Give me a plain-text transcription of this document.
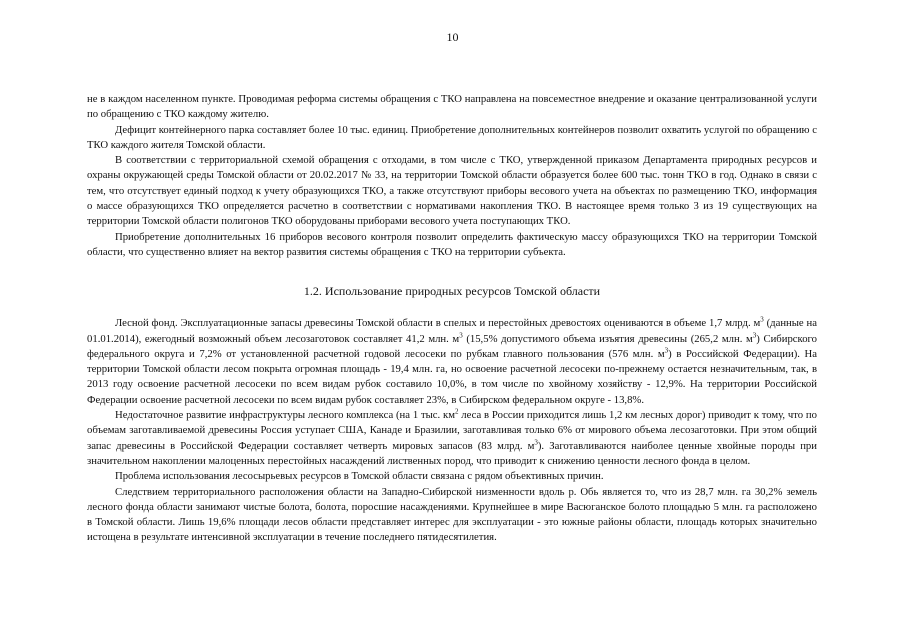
10

не в каждом населенном пункте. Проводимая реформа системы обращения с ТКО направлена на повсеместное внедрение и оказание централизованной услуги по обращению с ТКО каждому жителю.

Дефицит контейнерного парка составляет более 10 тыс. единиц. Приобретение дополнительных контейнеров позволит охватить услугой по обращению с ТКО каждого жителя Томской области.

В соответствии с территориальной схемой обращения с отходами, в том числе с ТКО, утвержденной приказом Департамента природных ресурсов и охраны окружающей среды Томской области от 20.02.2017 № 33, на территории Томской области образуется более 600 тыс. тонн ТКО в год. Однако в связи с тем, что отсутствует единый подход к учету образующихся ТКО, а также отсутствуют приборы весового учета на объектах по размещению ТКО, информация о массе образующихся ТКО определяется расчетно в соответствии с нормативами накопления ТКО. В настоящее время только 3 из 19 существующих на территории Томской области полигонов ТКО оборудованы приборами весового учета поступающих ТКО.

Приобретение дополнительных 16 приборов весового контроля позволит определить фактическую массу образующихся ТКО на территории Томской области, что существенно влияет на вектор развития системы обращения с ТКО на территории субъекта.

1.2. Использование природных ресурсов Томской области

Лесной фонд. Эксплуатационные запасы древесины Томской области в спелых и перестойных древостоях оцениваются в объеме 1,7 млрд. $м^3$ (данные на 01.01.2014), ежегодный возможный объем лесозаготовок составляет 41,2 млн. $м^3$ (15,5% допустимого объема изъятия древесины (265,2 млн. $м^3$) Сибирского федерального округа и 7,2% от установленной расчетной годовой лесосеки по рубкам главного пользования (576 млн. $м^3$) в Российской Федерации). На территории Томской области лесом покрыта огромная площадь - 19,4 млн. га, но освоение расчетной лесосеки по-прежнему остается незначительным, так, в 2013 году освоение расчетной лесосеки по всем видам рубок составило 10,0%, в том числе по хвойному хозяйству - 12,9%. На территории Российской Федерации освоение расчетной лесосеки по всем видам рубок составляет 23%, в Сибирском федеральном округе - 13,8%.

Недостаточное развитие инфраструктуры лесного комплекса (на 1 тыс. $км^2$ леса в России приходится лишь 1,2 км лесных дорог) приводит к тому, что по объемам заготавливаемой древесины Россия уступает США, Канаде и Бразилии, заготавливая только 6% от мирового объема лесозаготовки. При этом общий запас древесины в Российской Федерации составляет четверть мировых запасов (83 млрд. $м^3$). Заготавливаются наиболее ценные хвойные породы при значительном накоплении малоценных перестойных насаждений лиственных пород, что приводит к снижению ценности лесного фонда в целом.

Проблема использования лесосырьевых ресурсов в Томской области связана с рядом объективных причин.

Следствием территориального расположения области на Западно-Сибирской низменности вдоль р. Обь является то, что из 28,7 млн. га 30,2% земель лесного фонда области занимают чистые болота, болота, поросшие насаждениями. Крупнейшее в мире Васюганское болото площадью 5 млн. га расположено в Томской области. Лишь 19,6% площади лесов области представляет интерес для эксплуатации - это южные районы области, площадь которых значительно истощена в результате интенсивной эксплуатации в течение последнего пятидесятилетия.
